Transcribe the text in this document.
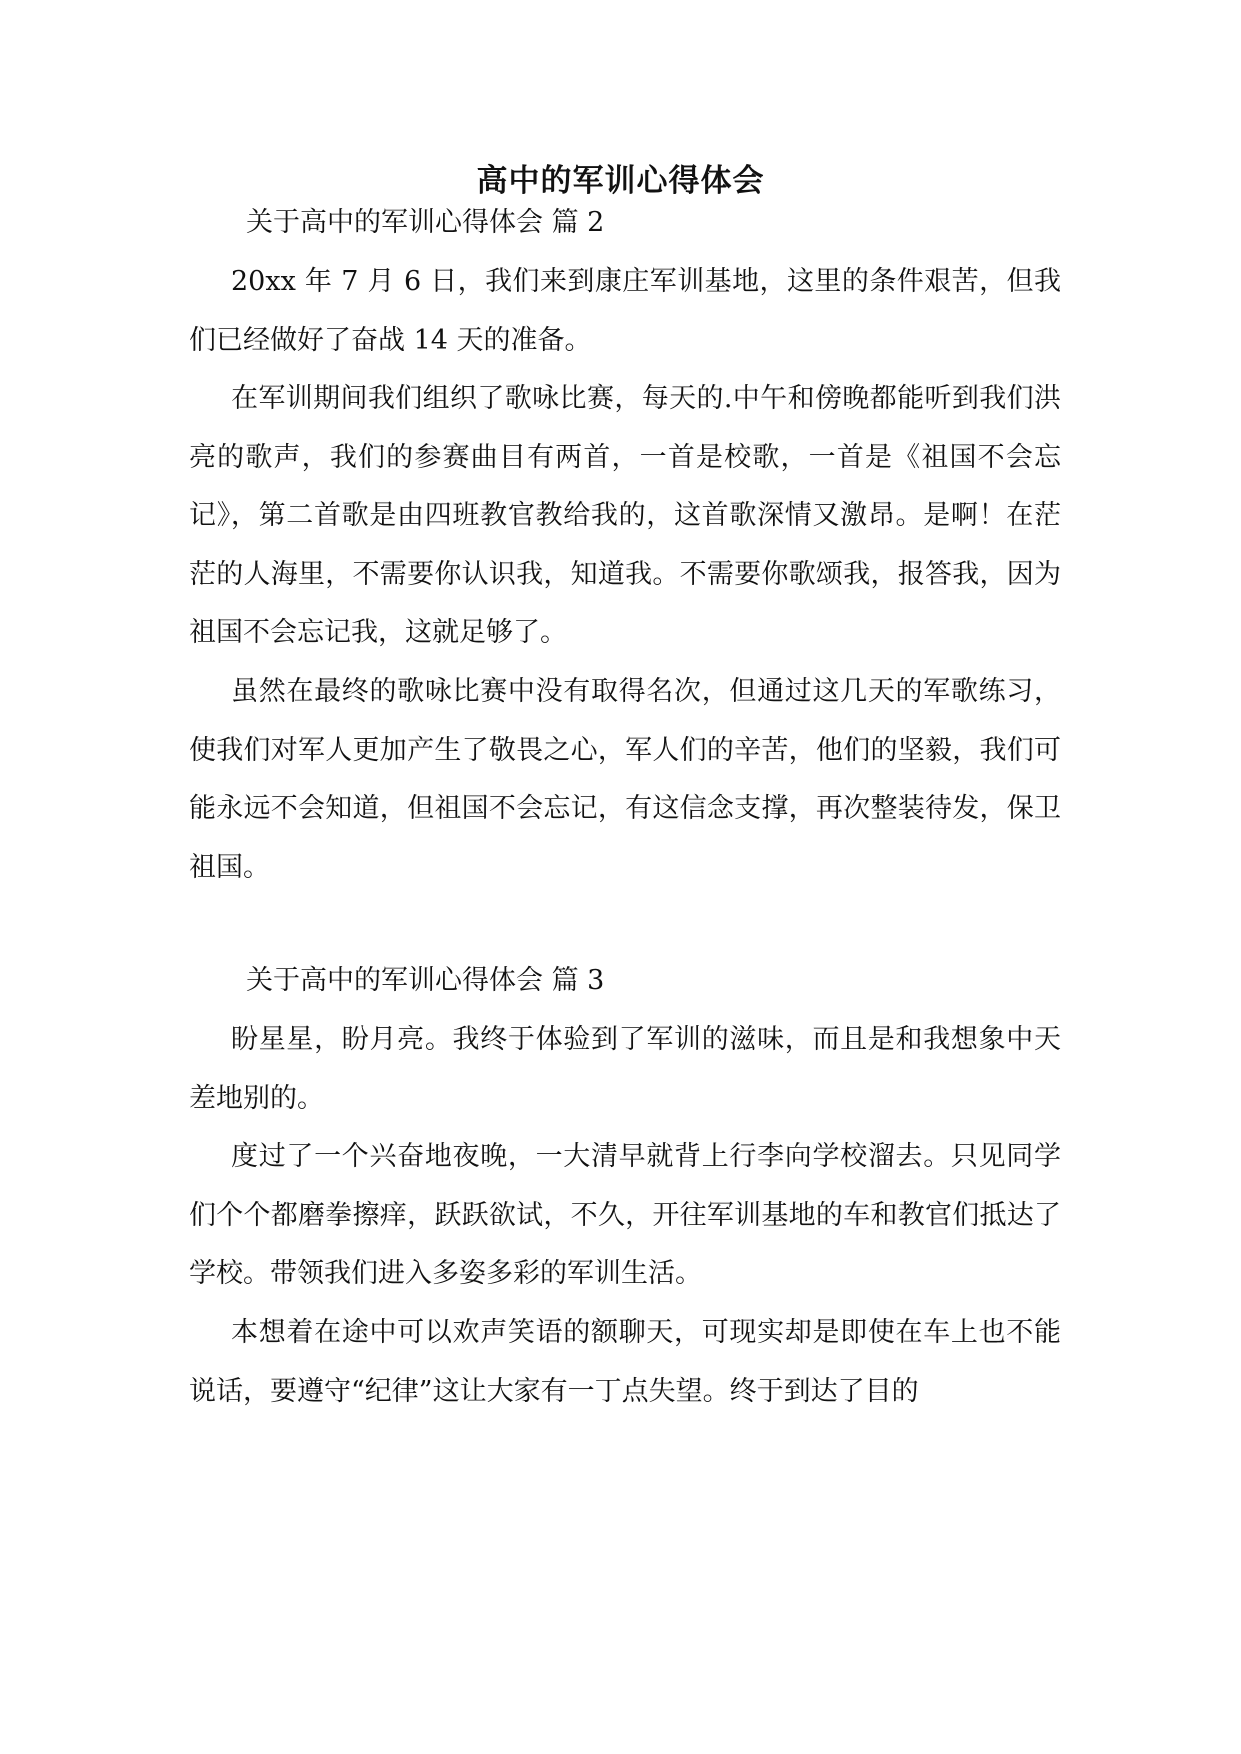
高中的军训心得体会
关于高中的军训心得体会 篇 2

20xx 年 7 月 6 日，我们来到康庄军训基地，这里的条件艰苦，但我们已经做好了奋战 14 天的准备。

在军训期间我们组织了歌咏比赛，每天的.中午和傍晚都能听到我们洪亮的歌声，我们的参赛曲目有两首，一首是校歌，一首是《祖国不会忘记》，第二首歌是由四班教官教给我的，这首歌深情又激昂。是啊！在茫茫的人海里，不需要你认识我，知道我。不需要你歌颂我，报答我，因为祖国不会忘记我，这就足够了。

虽然在最终的歌咏比赛中没有取得名次，但通过这几天的军歌练习，使我们对军人更加产生了敬畏之心，军人们的辛苦，他们的坚毅，我们可能永远不会知道，但祖国不会忘记，有这信念支撑，再次整装待发，保卫祖国。

关于高中的军训心得体会 篇 3

盼星星，盼月亮。我终于体验到了军训的滋味，而且是和我想象中天差地别的。

度过了一个兴奋地夜晚，一大清早就背上行李向学校溜去。只见同学们个个都磨拳擦痒，跃跃欲试，不久，开往军训基地的车和教官们抵达了学校。带领我们进入多姿多彩的军训生活。

本想着在途中可以欢声笑语的额聊天，可现实却是即使在车上也不能说话，要遵守“纪律”这让大家有一丁点失望。终于到达了目的
